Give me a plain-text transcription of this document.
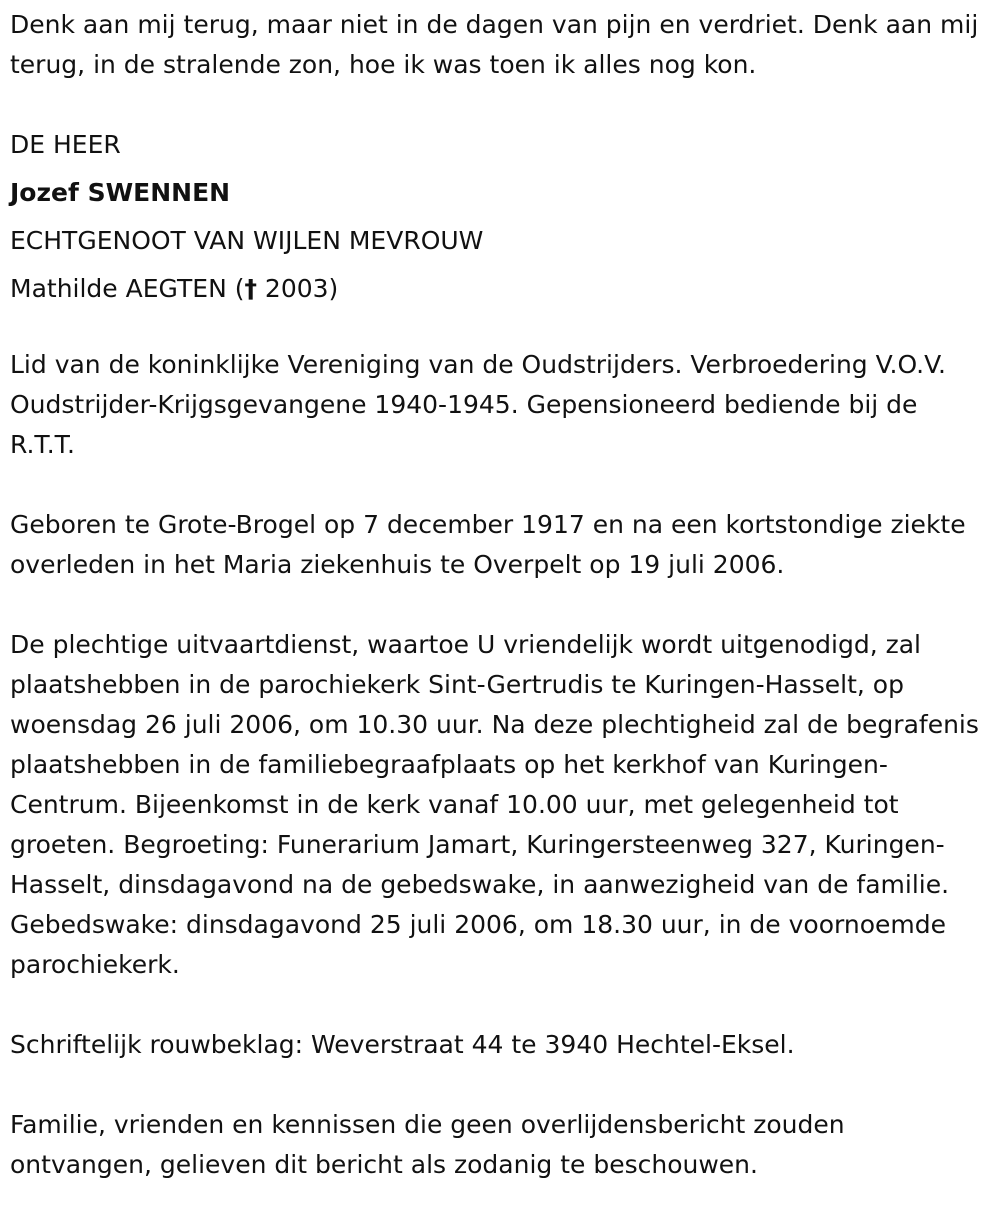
Denk aan mij terug, maar niet in de dagen van pijn en verdriet. Denk aan mij terug, in de stralende zon, hoe ik was toen ik alles nog kon.

DE HEER

Jozef SWENNEN

ECHTGENOOT VAN WIJLEN MEVROUW

Mathilde AEGTEN († 2003)

Lid van de koninklijke Vereniging van de Oudstrijders. Verbroedering V.O.V. Oudstrijder-Krijgsgevangene 1940-1945. Gepensioneerd bediende bij de R.T.T.

Geboren te Grote-Brogel op 7 december 1917 en na een kortstondige ziekte overleden in het Maria ziekenhuis te Overpelt op 19 juli 2006.

De plechtige uitvaartdienst, waartoe U vriendelijk wordt uitgenodigd, zal plaatshebben in de parochiekerk Sint-Gertrudis te Kuringen-Hasselt, op woensdag 26 juli 2006, om 10.30 uur. Na deze plechtigheid zal de begrafenis plaatshebben in de familiebegraafplaats op het kerkhof van Kuringen-Centrum. Bijeenkomst in de kerk vanaf 10.00 uur, met gelegenheid tot groeten. Begroeting: Funerarium Jamart, Kuringersteenweg 327, Kuringen-Hasselt, dinsdagavond na de gebedswake, in aanwezigheid van de familie. Gebedswake: dinsdagavond 25 juli 2006, om 18.30 uur, in de voornoemde parochiekerk.

Schriftelijk rouwbeklag: Weverstraat 44 te 3940 Hechtel-Eksel.

Familie, vrienden en kennissen die geen overlijdensbericht zouden ontvangen, gelieven dit bericht als zodanig te beschouwen.
